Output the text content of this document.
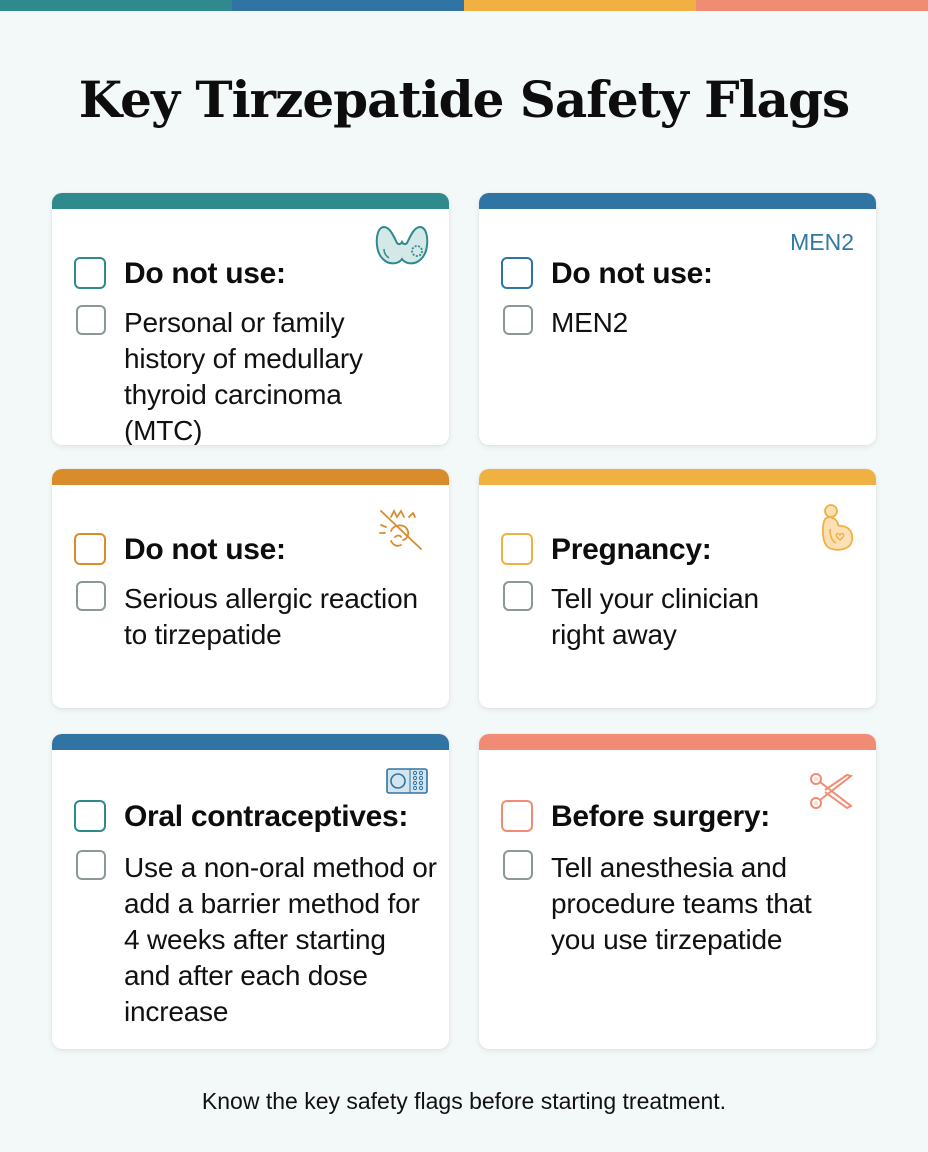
Key Tirzepatide Safety Flags
Do not use:
Personal or family history of medullary thyroid carcinoma (MTC)
MEN2
Do not use:
MEN2
Do not use:
Serious allergic reaction to tirzepatide
Pregnancy:
Tell your clinician right away
Oral contraceptives:
Use a non-oral method or add a barrier method for 4 weeks after starting and after each dose increase
Before surgery:
Tell anesthesia and procedure teams that you use tirzepatide
Know the key safety flags before starting treatment.
